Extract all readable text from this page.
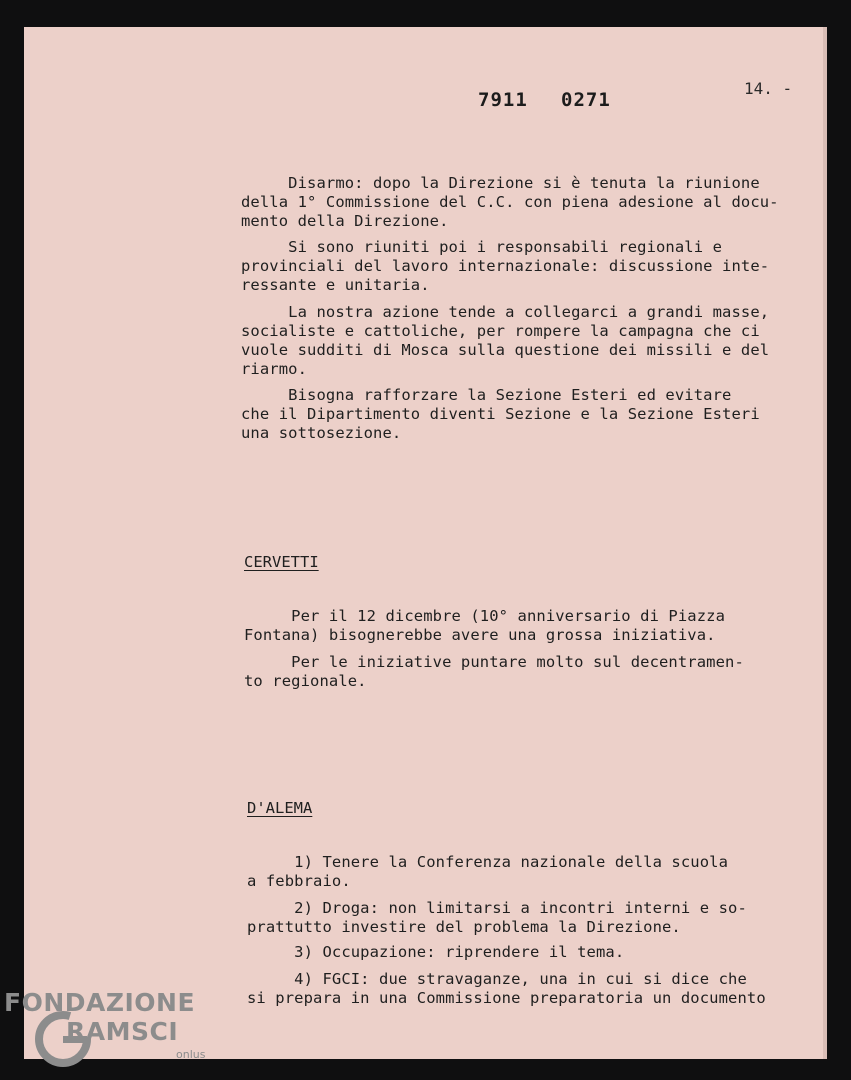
7911 0271
14. -
Disarmo: dopo la Direzione si è tenuta la riunione
della 1° Commissione del C.C. con piena adesione al docu-
mento della Direzione.
Si sono riuniti poi i responsabili regionali e
provinciali del lavoro internazionale: discussione inte-
ressante e unitaria.
La nostra azione tende a collegarci a grandi masse,
socialiste e cattoliche, per rompere la campagna che ci
vuole sudditi di Mosca sulla questione dei missili e del
riarmo.
Bisogna rafforzare la Sezione Esteri ed evitare
che il Dipartimento diventi Sezione e la Sezione Esteri
una sottosezione.
CERVETTI
Per il 12 dicembre (10° anniversario di Piazza
Fontana) bisognerebbe avere una grossa iniziativa.
Per le iniziative puntare molto sul decentramen-
to regionale.
D'ALEMA
1) Tenere la Conferenza nazionale della scuola
a febbraio.
2) Droga: non limitarsi a incontri interni e so-
prattutto investire del problema la Direzione.
3) Occupazione: riprendere il tema.
4) FGCI: due stravaganze, una in cui si dice che
si prepara in una Commissione preparatoria un documento
FONDAZIONE
RAMSCI
onlus
